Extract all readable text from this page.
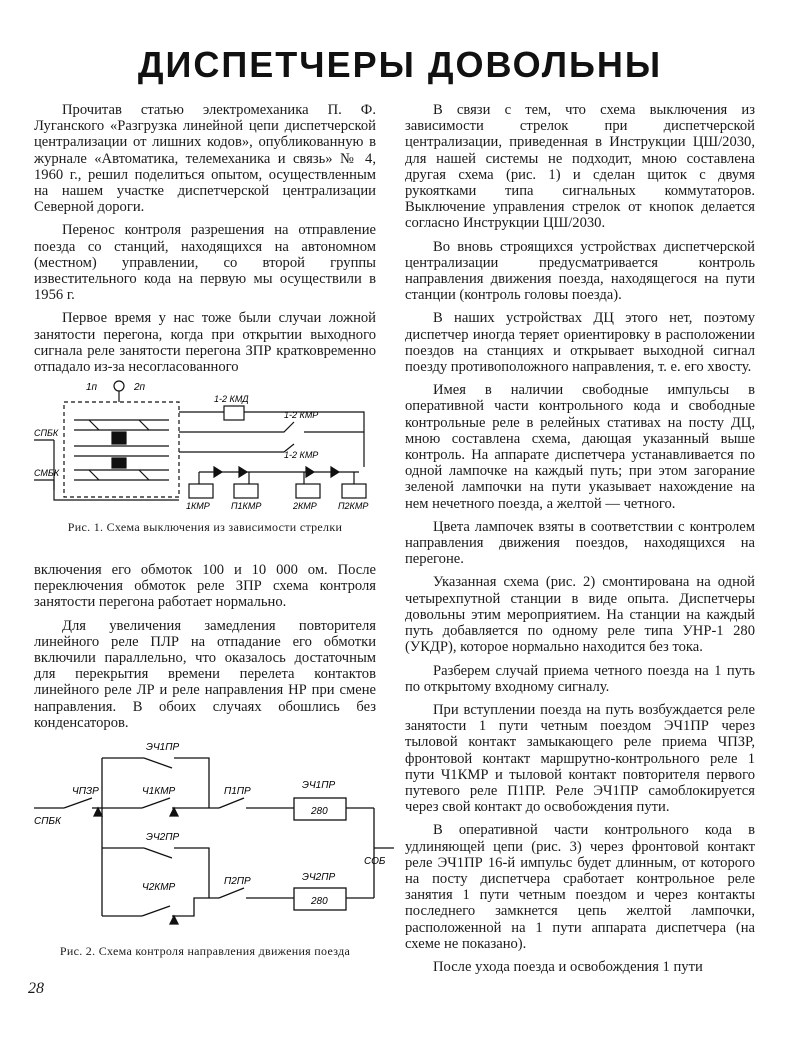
ДИСПЕТЧЕРЫ ДОВОЛЬНЫ

Прочитав статью электромеханика П. Ф. Луганского «Разгрузка линейной цепи диспетчерской централизации от лишних кодов», опубликованную в журнале «Автоматика, телемеханика и связь» № 4, 1960 г., решил поделиться опытом, осуществленным на нашем участке диспетчерской централизации Северной дороги.

Перенос контроля разрешения на отправление поезда со станций, находящихся на автономном (местном) управлении, со второй группы известительного кода на первую мы осуществили в 1956 г.

Первое время у нас тоже были случаи ложной занятости перегона, когда при открытии выходного сигнала реле занятости перегона ЗПР кратковременно отпадало из-за несогласованного

1п	2п
1-2 КМД
1-2 КМР
1-2 КМР
СПБК
СМБК
1КМР П1КМР	2КМР П2КМР
Рис. 1. Схема выключения из зависимости стрелки

включения его обмоток 100 и 10 000 ом. После переключения обмоток реле ЗПР схема контроля занятости перегона работает нормально.

Для увеличения замедления повторителя линейного реле ПЛР на отпадание его обмотки включили параллельно, что оказалось достаточным для перекрытия времени перелета контактов линейного реле ЛР и реле направления НР при смене направления. В обоих случаях обошлись без конденсаторов.

СПБК
ЧПЗР
ЭЧ1ПР
Ч1КМР	П1ПР
ЭЧ1ПР
280
ЭЧ2ПР
Ч2КМР
П2ПР	ЭЧ2ПР
280
СОБ
Рис. 2. Схема контроля направления движения поезда

В связи с тем, что схема выключения из зависимости стрелок при диспетчерской централизации, приведенная в Инструкции ЦШ/2030, для нашей системы не подходит, мною составлена другая схема (рис. 1) и сделан щиток с двумя рукоятками типа сигнальных коммутаторов. Выключение управления стрелок от кнопок делается согласно Инструкции ЦШ/2030.

Во вновь строящихся устройствах диспетчерской централизации предусматривается контроль направления движения поезда, находящегося на пути станции (контроль головы поезда).

В наших устройствах ДЦ этого нет, поэтому диспетчер иногда теряет ориентировку в расположении поездов на станциях и открывает выходной сигнал поезду противоположного направления, т. е. его хвосту.

Имея в наличии свободные импульсы в оперативной части контрольного кода и свободные контрольные реле в релейных стативах на посту ДЦ, мною составлена схема, дающая указанный выше контроль. На аппарате диспетчера устанавливается по одной лампочке на каждый путь; при этом загорание зеленой лампочки на пути указывает нахождение на нем нечетного поезда, а желтой — четного.

Цвета лампочек взяты в соответствии с контролем направления движения поездов, находящихся на перегоне.

Указанная схема (рис. 2) смонтирована на одной четырехпутной станции в виде опыта. Диспетчеры довольны этим мероприятием. На станции на каждый путь добавляется по одному реле типа УНР-1 280 (УКДР), которое нормально находится без тока.

Разберем случай приема четного поезда на 1 путь по открытому входному сигналу.

При вступлении поезда на путь возбуждается реле занятости 1 пути четным поездом ЭЧ1ПР через тыловой контакт замыкающего реле приема ЧПЗР, фронтовой контакт маршрутно-контрольного реле 1 пути Ч1КМР и тыловой контакт повторителя первого путевого реле П1ПР. Реле ЭЧ1ПР самоблокируется через свой контакт до освобождения пути.

В оперативной части контрольного кода в удлиняющей цепи (рис. 3) через фронтовой контакт реле ЭЧ1ПР 16-й импульс будет длинным, от которого на посту диспетчера сработает контрольное реле занятия 1 пути четным поездом и через контакты последнего замкнется цепь желтой лампочки, расположенной на 1 пути аппарата диспетчера (на схеме не показано).

После ухода поезда и освобождения 1 пути

28
